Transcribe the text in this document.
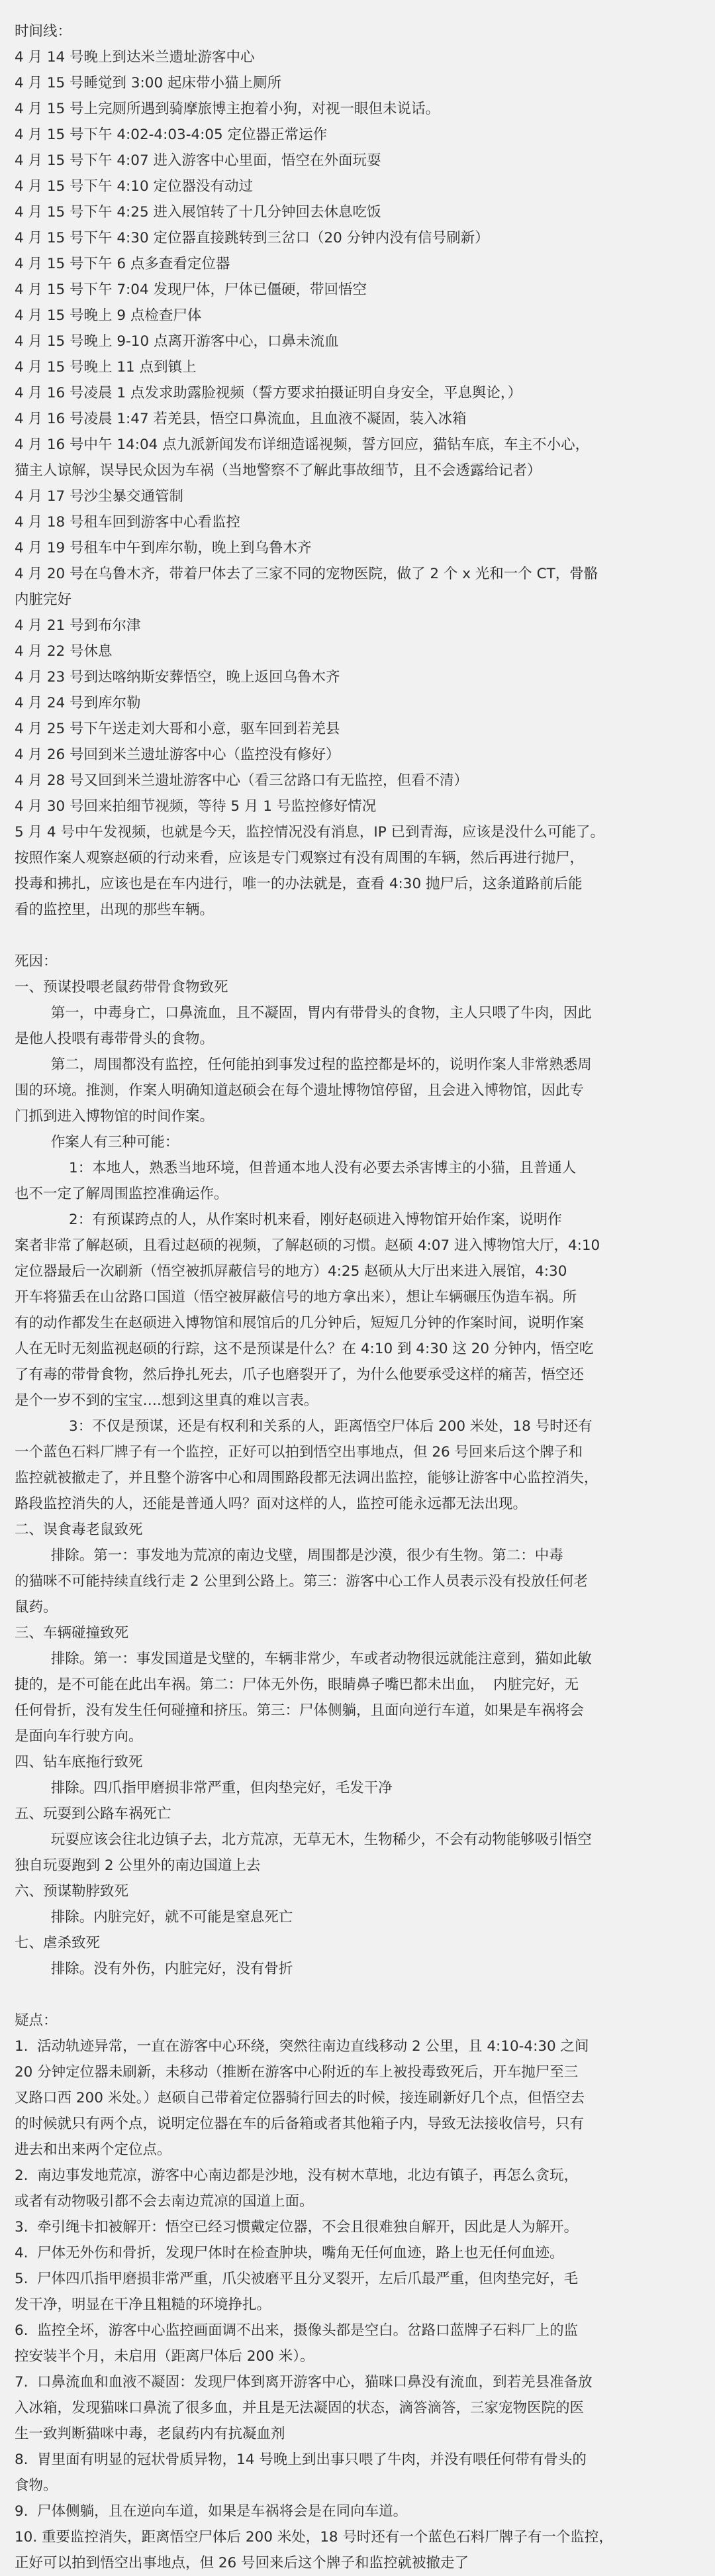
时间线：

4 月 14 号晚上到达米兰遗址游客中心

4 月 15 号睡觉到 3:00 起床带小猫上厕所

4 月 15 号上完厕所遇到骑摩旅博主抱着小狗，对视一眼但未说话。

4 月 15 号下午 4:02-4:03-4:05 定位器正常运作

4 月 15 号下午 4:07 进入游客中心里面，悟空在外面玩耍

4 月 15 号下午 4:10 定位器没有动过

4 月 15 号下午 4:25 进入展馆转了十几分钟回去休息吃饭

4 月 15 号下午 4:30 定位器直接跳转到三岔口（20 分钟内没有信号刷新）

4 月 15 号下午 6 点多查看定位器

4 月 15 号下午 7:04 发现尸体，尸体已僵硬，带回悟空

4 月 15 号晚上 9 点检查尸体

4 月 15 号晚上 9-10 点离开游客中心，口鼻未流血

4 月 15 号晚上 11 点到镇上

4 月 16 号凌晨 1 点发求助露脸视频（誓方要求拍摄证明自身安全，平息舆论，）

4 月 16 号凌晨 1:47 若羌县，悟空口鼻流血，且血液不凝固，装入冰箱

4 月 16 号中午 14:04 点九派新闻发布详细造谣视频，誓方回应，猫钻车底，车主不小心，

猫主人谅解，误导民众因为车祸（当地警察不了解此事故细节，且不会透露给记者）

4 月 17 号沙尘暴交通管制

4 月 18 号租车回到游客中心看监控

4 月 19 号租车中午到库尔勒，晚上到乌鲁木齐

4 月 20 号在乌鲁木齐，带着尸体去了三家不同的宠物医院，做了 2 个 x 光和一个 CT，骨骼

内脏完好

4 月 21 号到布尔津

4 月 22 号休息

4 月 23 号到达喀纳斯安葬悟空，晚上返回乌鲁木齐

4 月 24 号到库尔勒

4 月 25 号下午送走刘大哥和小意，驱车回到若羌县

4 月 26 号回到米兰遗址游客中心（监控没有修好）

4 月 28 号又回到米兰遗址游客中心（看三岔路口有无监控，但看不清）

4 月 30 号回来拍细节视频，等待 5 月 1 号监控修好情况

5 月 4 号中午发视频，也就是今天，监控情况没有消息，IP 已到青海，应该是没什么可能了。

按照作案人观察赵硕的行动来看，应该是专门观察过有没有周围的车辆，然后再进行抛尸，

投毒和拂扎，应该也是在车内进行，唯一的办法就是，查看 4:30 抛尸后，这条道路前后能

看的监控里，出现的那些车辆。

死因：

一、预谋投喂老鼠药带骨食物致死

第一，中毒身亡，口鼻流血，且不凝固，胃内有带骨头的食物，主人只喂了牛肉，因此

是他人投喂有毒带骨头的食物。

第二，周围都没有监控，任何能拍到事发过程的监控都是坏的，说明作案人非常熟悉周

围的环境。推测，作案人明确知道赵硕会在每个遗址博物馆停留，且会进入博物馆，因此专

门抓到进入博物馆的时间作案。

作案人有三种可能：

1：本地人，熟悉当地环境，但普通本地人没有必要去杀害博主的小猫，且普通人

也不一定了解周围监控准确运作。

2：有预谋跨点的人，从作案时机来看，刚好赵硕进入博物馆开始作案，说明作

案者非常了解赵硕，且看过赵硕的视频，了解赵硕的习惯。赵硕 4:07 进入博物馆大厅，4:10

定位器最后一次刷新（悟空被抓屏蔽信号的地方）4:25 赵硕从大厅出来进入展馆，4:30

开车将猫丢在山岔路口国道（悟空被屏蔽信号的地方拿出来），想让车辆碾压伪造车祸。所

有的动作都发生在赵硕进入博物馆和展馆后的几分钟后，短短几分钟的作案时间，说明作案

人在无时无刻监视赵硕的行踪，这不是预谋是什么？在 4:10 到 4:30 这 20 分钟内，悟空吃

了有毒的带骨食物，然后挣扎死去，爪子也磨裂开了，为什么他要承受这样的痛苦，悟空还

是个一岁不到的宝宝….想到这里真的难以言表。

3：不仅是预谋，还是有权利和关系的人，距离悟空尸体后 200 米处，18 号时还有

一个蓝色石料厂牌子有一个监控，正好可以拍到悟空出事地点，但 26 号回来后这个牌子和

监控就被撤走了，并且整个游客中心和周围路段都无法调出监控，能够让游客中心监控消失，

路段监控消失的人，还能是普通人吗？面对这样的人，监控可能永远都无法出现。

二、误食毒老鼠致死

排除。第一：事发地为荒凉的南边戈壁，周围都是沙漠，很少有生物。第二：中毒

的猫咪不可能持续直线行走 2 公里到公路上。第三：游客中心工作人员表示没有投放任何老

鼠药。

三、车辆碰撞致死

排除。第一：事发国道是戈壁的，车辆非常少，车或者动物很远就能注意到，猫如此敏

捷的，是不可能在此出车祸。第二：尸体无外伤，眼睛鼻子嘴巴都未出血，  内脏完好，无

任何骨折，没有发生任何碰撞和挤压。第三：尸体侧躺，且面向逆行车道，如果是车祸将会

是面向车行驶方向。

四、钻车底拖行致死

排除。四爪指甲磨损非常严重，但肉垫完好，毛发干净

五、玩耍到公路车祸死亡

玩耍应该会往北边镇子去，北方荒凉，无草无木，生物稀少，不会有动物能够吸引悟空

独自玩耍跑到 2 公里外的南边国道上去

六、预谋勒脖致死

排除。内脏完好，就不可能是窒息死亡

七、虐杀致死

排除。没有外伤，内脏完好，没有骨折

疑点：

1.  活动轨迹异常，一直在游客中心环绕，突然往南边直线移动 2 公里，且 4:10-4:30 之间

20 分钟定位器未刷新，未移动（推断在游客中心附近的车上被投毒致死后，开车抛尸至三

叉路口西 200 米处。）赵硕自己带着定位器骑行回去的时候，接连刷新好几个点，但悟空去

的时候就只有两个点，说明定位器在车的后备箱或者其他箱子内，导致无法接收信号，只有

进去和出来两个定位点。

2.  南边事发地荒凉，游客中心南边都是沙地，没有树木草地，北边有镇子，再怎么贪玩，

或者有动物吸引都不会去南边荒凉的国道上面。

3.  牵引绳卡扣被解开：悟空已经习惯戴定位器，不会且很难独自解开，因此是人为解开。

4.  尸体无外伤和骨折，发现尸体时在检查肿块，嘴角无任何血迹，路上也无任何血迹。

5.  尸体四爪指甲磨损非常严重，爪尖被磨平且分叉裂开，左后爪最严重，但肉垫完好，毛

发干净，明显在干净且粗糙的环境挣扎。

6.  监控全坏，游客中心监控画面调不出来，摄像头都是空白。岔路口蓝牌子石料厂上的监

控安装半个月，未启用（距离尸体后 200 米）。

7.  口鼻流血和血液不凝固：发现尸体到离开游客中心，猫咪口鼻没有流血，到若羌县准备放

入冰箱，发现猫咪口鼻流了很多血，并且是无法凝固的状态，滴答滴答，三家宠物医院的医

生一致判断猫咪中毒，老鼠药内有抗凝血剂

8.  胃里面有明显的冠状骨质异物，14 号晚上到出事只喂了牛肉，并没有喂任何带有骨头的

食物。

9.  尸体侧躺，且在逆向车道，如果是车祸将会是在同向车道。

10. 重要监控消失，距离悟空尸体后 200 米处，18 号时还有一个蓝色石料厂牌子有一个监控，

正好可以拍到悟空出事地点，但 26 号回来后这个牌子和监控就被撤走了
